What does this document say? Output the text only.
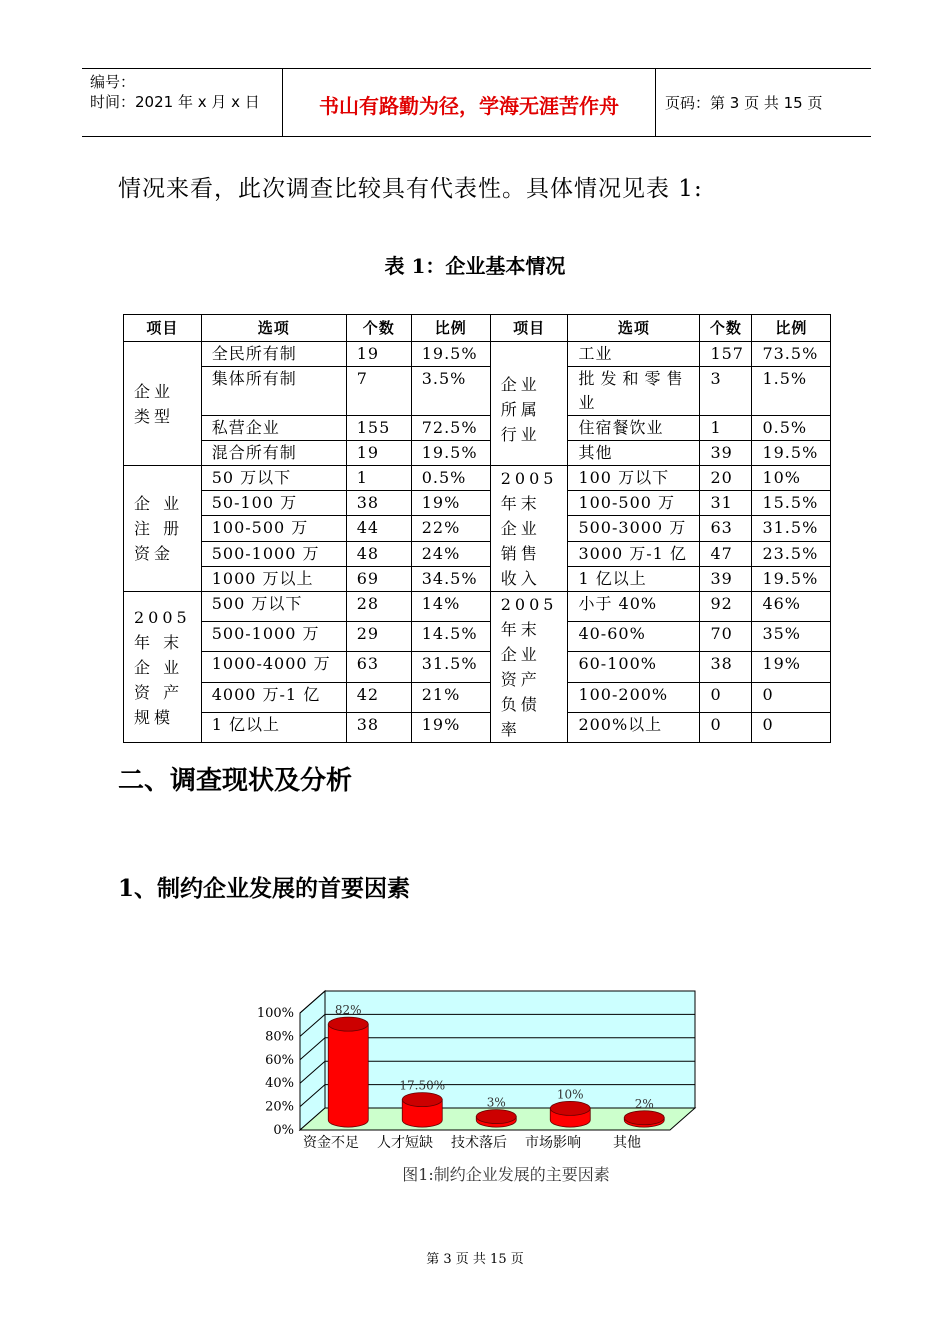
编号：
时间：2021 年 x 月 x 日	书山有路勤为径，学海无涯苦作舟	页码：第 3 页 共 15 页
情况来看，此次调查比较具有代表性。具体情况见表 1:
表 1：企业基本情况
项目	选项	个数	比例	项目	选项	个数	比例
企业类型	全民所有制	19	19.5%	企业所属行业	工业	157	73.5%
	集体所有制	7	3.5%		批发和零售业	3	1.5%
	私营企业	155	72.5%		住宿餐饮业	1	0.5%
	混合所有制	19	19.5%		其他	39	19.5%
企 业 注 册 资金	50 万以下	1	0.5%	2005 年末企业销售收入	100 万以下	20	10%
	50-100 万	38	19%		100-500 万	31	15.5%
	100-500 万	44	22%		500-3000 万	63	31.5%
	500-1000 万	48	24%		3000 万-1 亿	47	23.5%
	1000 万以上	69	34.5%		1 亿以上	39	19.5%
2005 年 末 企 业 资 产 规模	500 万以下	28	14%	2005 年末企业资产负债率	小于 40%	92	46%
	500-1000 万	29	14.5%		40-60%	70	35%
	1000-4000 万	63	31.5%		60-100%	38	19%
	4000 万-1 亿	42	21%		100-200%	0	0
	1 亿以上	38	19%		200%以上	0	0
二、调查现状及分析
1、制约企业发展的首要因素
0%
20%
40%
60%
80%
100%	82%
资金不足
17.50%
人才短缺
3%
技术落后
10%
市场影响
2%
其他
图1:制约企业发展的主要因素
第 3 页 共 15 页
